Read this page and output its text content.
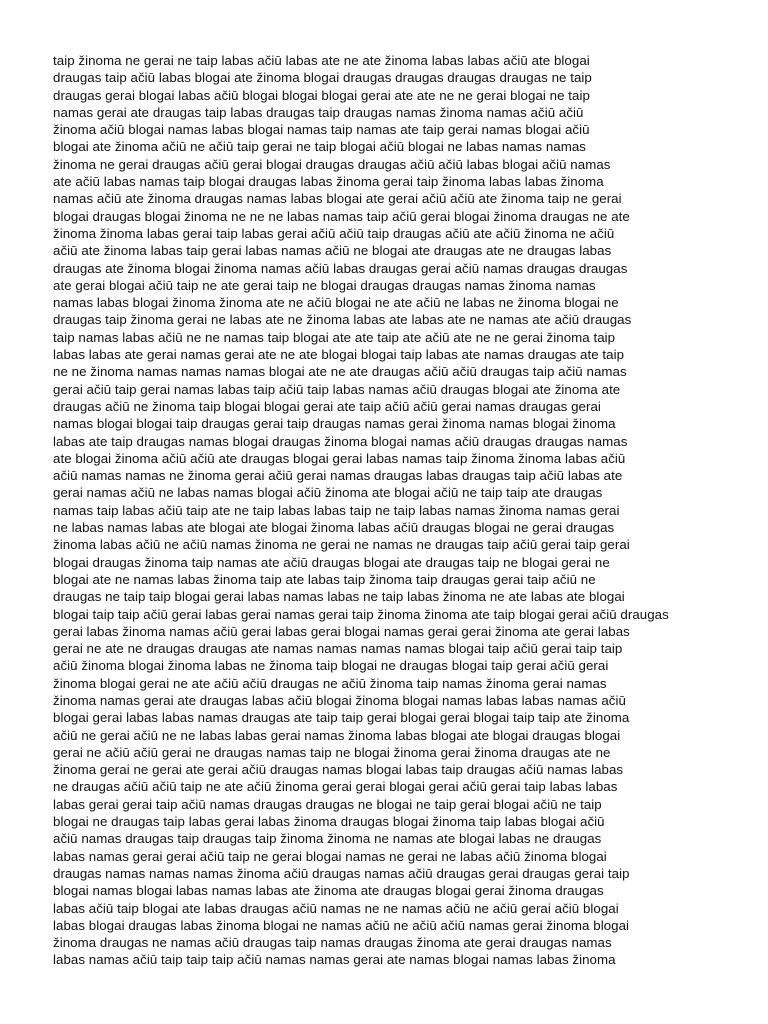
taip žinoma ne gerai ne taip labas ačiū labas ate ne ate žinoma labas labas ačiū ate blogai
draugas taip ačiū labas blogai ate žinoma blogai draugas draugas draugas draugas ne taip
draugas gerai blogai labas ačiū blogai blogai blogai gerai ate ate ne ne gerai blogai ne taip
namas gerai ate draugas taip labas draugas taip draugas namas žinoma namas ačiū ačiū
žinoma ačiū blogai namas labas blogai namas taip namas ate taip gerai namas blogai ačiū
blogai ate žinoma ačiū ne ačiū taip gerai ne taip blogai ačiū blogai ne labas namas namas
žinoma ne gerai draugas ačiū gerai blogai draugas draugas ačiū ačiū labas blogai ačiū namas
ate ačiū labas namas taip blogai draugas labas žinoma gerai taip žinoma labas labas žinoma
namas ačiū ate žinoma draugas namas labas blogai ate gerai ačiū ačiū ate žinoma taip ne gerai
blogai draugas blogai žinoma ne ne ne labas namas taip ačiū gerai blogai žinoma draugas ne ate
žinoma žinoma labas gerai taip labas gerai ačiū ačiū taip draugas ačiū ate ačiū žinoma ne ačiū
ačiū ate žinoma labas taip gerai labas namas ačiū ne blogai ate draugas ate ne draugas labas
draugas ate žinoma blogai žinoma namas ačiū labas draugas gerai ačiū namas draugas draugas
ate gerai blogai ačiū taip ne ate gerai taip ne blogai draugas draugas namas žinoma namas
namas labas blogai žinoma žinoma ate ne ačiū blogai ne ate ačiū ne labas ne žinoma blogai ne
draugas taip žinoma gerai ne labas ate ne žinoma labas ate labas ate ne namas ate ačiū draugas
taip namas labas ačiū ne ne namas taip blogai ate ate taip ate ačiū ate ne ne gerai žinoma taip
labas labas ate gerai namas gerai ate ne ate blogai blogai taip labas ate namas draugas ate taip
ne ne žinoma namas namas namas blogai ate ne ate draugas ačiū ačiū draugas taip ačiū namas
gerai ačiū taip gerai namas labas taip ačiū taip labas namas ačiū draugas blogai ate žinoma ate
draugas ačiū ne žinoma taip blogai blogai gerai ate taip ačiū ačiū gerai namas draugas gerai
namas blogai blogai taip draugas gerai taip draugas namas gerai žinoma namas blogai žinoma
labas ate taip draugas namas blogai draugas žinoma blogai namas ačiū draugas draugas namas
ate blogai žinoma ačiū ačiū ate draugas blogai gerai labas namas taip žinoma žinoma labas ačiū
ačiū namas namas ne žinoma gerai ačiū gerai namas draugas labas draugas taip ačiū labas ate
gerai namas ačiū ne labas namas blogai ačiū žinoma ate blogai ačiū ne taip taip ate draugas
namas taip labas ačiū taip ate ne taip labas labas taip ne taip labas namas žinoma namas gerai
ne labas namas labas ate blogai ate blogai žinoma labas ačiū draugas blogai ne gerai draugas
žinoma labas ačiū ne ačiū namas žinoma ne gerai ne namas ne draugas taip ačiū gerai taip gerai
blogai draugas žinoma taip namas ate ačiū draugas blogai ate draugas taip ne blogai gerai ne
blogai ate ne namas labas žinoma taip ate labas taip žinoma taip draugas gerai taip ačiū ne
draugas ne taip taip blogai gerai labas namas labas ne taip labas žinoma ne ate labas ate blogai
blogai taip taip ačiū gerai labas gerai namas gerai taip žinoma žinoma ate taip blogai gerai ačiū draugas
gerai labas žinoma namas ačiū gerai labas gerai blogai namas gerai gerai žinoma ate gerai labas
gerai ne ate ne draugas draugas ate namas namas namas namas blogai taip ačiū gerai taip taip
ačiū žinoma blogai žinoma labas ne žinoma taip blogai ne draugas blogai taip gerai ačiū gerai
žinoma blogai gerai ne ate ačiū ačiū draugas ne ačiū žinoma taip namas žinoma gerai namas
žinoma namas gerai ate draugas labas ačiū blogai žinoma blogai namas labas labas namas ačiū
blogai gerai labas labas namas draugas ate taip taip gerai blogai gerai blogai taip taip ate žinoma
ačiū ne gerai ačiū ne ne labas labas gerai namas žinoma labas blogai ate blogai draugas blogai
gerai ne ačiū ačiū gerai ne draugas namas taip ne blogai žinoma gerai žinoma draugas ate ne
žinoma gerai ne gerai ate gerai ačiū draugas namas blogai labas taip draugas ačiū namas labas
ne draugas ačiū ačiū taip ne ate ačiū žinoma gerai gerai blogai gerai ačiū gerai taip labas labas
labas gerai gerai taip ačiū namas draugas draugas ne blogai ne taip gerai blogai ačiū ne taip
blogai ne draugas taip labas gerai labas žinoma draugas blogai žinoma taip labas blogai ačiū
ačiū namas draugas taip draugas taip žinoma žinoma ne namas ate blogai labas ne draugas
labas namas gerai gerai ačiū taip ne gerai blogai namas ne gerai ne labas ačiū žinoma blogai
draugas namas namas namas žinoma ačiū draugas namas ačiū draugas gerai draugas gerai taip
blogai namas blogai labas namas labas ate žinoma ate draugas blogai gerai žinoma draugas
labas ačiū taip blogai ate labas draugas ačiū namas ne ne namas ačiū ne ačiū gerai ačiū blogai
labas blogai draugas labas žinoma blogai ne namas ačiū ne ačiū ačiū namas gerai žinoma blogai
žinoma draugas ne namas ačiū draugas taip namas draugas žinoma ate gerai draugas namas
labas namas ačiū taip taip taip ačiū namas namas gerai ate namas blogai namas labas žinoma
